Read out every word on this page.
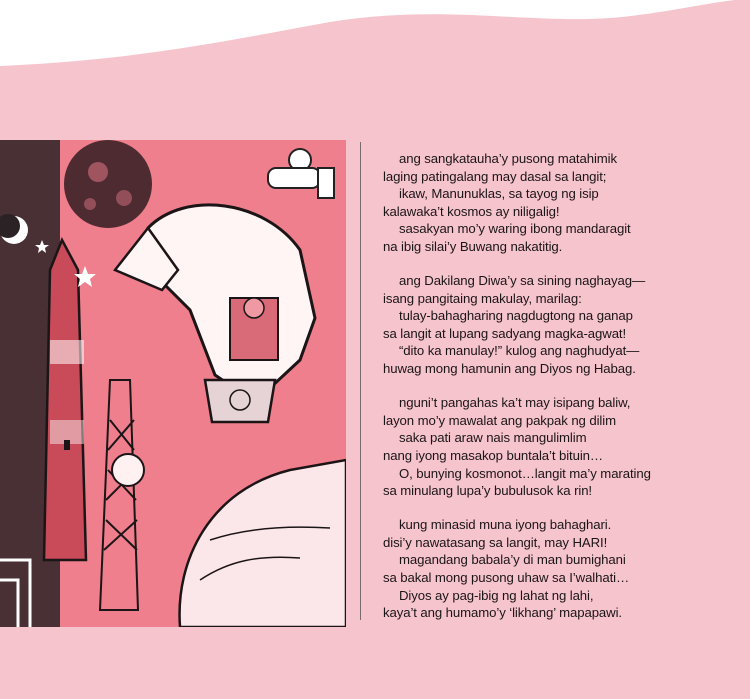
ang sangkatauha’y pusong matahimik
laging patingalang may dasal sa langit;
ikaw, Manunuklas, sa tayog ng isip
kalawaka’t kosmos ay niligalig!
sasakyan mo’y waring ibong mandaragit
na ibig silai’y Buwang nakatitig.
ang Dakilang Diwa’y sa sining naghayag—
isang pangitaing makulay, marilag:
tulay-bahagharing nagdugtong na ganap
sa langit at lupang sadyang magka-agwat!
“dito ka manulay!” kulog ang naghudyat—
huwag mong hamunin ang Diyos ng Habag.
nguni’t pangahas ka’t may isipang baliw,
layon mo’y mawalat ang pakpak ng dilim
saka pati araw nais mangulimlim
nang iyong masakop buntala’t bituin…
O, bunying kosmonot…langit ma’y marating
sa minulang lupa’y bubulusok ka rin!
kung minasid muna iyong bahaghari.
disi’y nawatasang sa langit, may HARI!
magandang babala’y di man bumighani
sa bakal mong pusong uhaw sa I’walhati…
Diyos ay pag-ibig ng lahat ng lahi,
kaya’t ang humamo’y ‘likhang’ mapapawi.
